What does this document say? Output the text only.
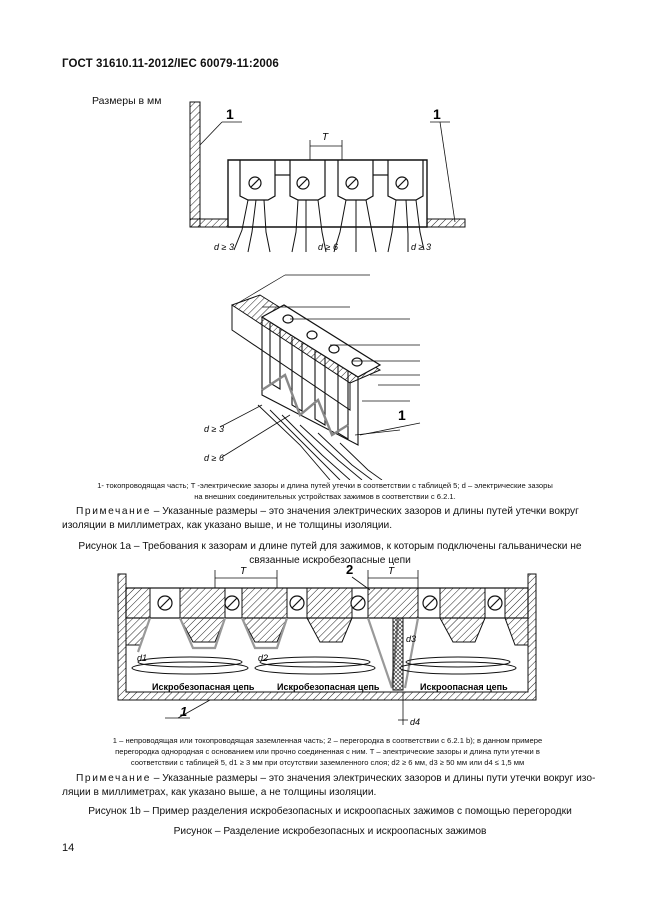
ГОСТ 31610.11-2012/IEC 60079-11:2006
Размеры в мм
T
1	1
d ≥ 3	d ≥ 6	d ≥ 3
1
d ≥ 3
d ≥ 6
1- токопроводящая часть; T -электрические зазоры и длина путей утечки в соответствии с таблицей 5; d – электрические зазоры
на внешних соединительных устройствах зажимов в соответствии с 6.2.1.
Примечание – Указанные размеры – это значения электрических зазоров и длины путей утечки вокруг
изоляции в миллиметрах, как указано выше, и не толщины изоляции.
Рисунок 1a – Требования к зазорам и длине путей для зажимов, к которым подключены гальванически не
связанные искробезопасные цепи
T	T
2
d1	d2
d3
d4
Искробезопасная цепь	Искробезопасная цепь	Искроопасная цепь
1
1 – непроводящая или токопроводящая заземленная часть; 2 – перегородка в соответствии с 6.2.1 b); в данном примере
перегородка однородная с основанием или прочно соединенная с ним. T – электрические зазоры и длина пути утечки в
соответствии с таблицей 5, d1 ≥ 3 мм при отсутствии заземленного слоя; d2 ≥ 6 мм, d3 ≥ 50 мм или d4 ≤ 1,5 мм
Примечание – Указанные размеры – это значения электрических зазоров и длины пути утечки вокруг изо-
ляции в миллиметрах, как указано выше, а не толщины изоляции.
Рисунок 1b – Пример разделения искробезопасных и искроопасных зажимов с помощью перегородки
Рисунок – Разделение искробезопасных и искроопасных зажимов
14
